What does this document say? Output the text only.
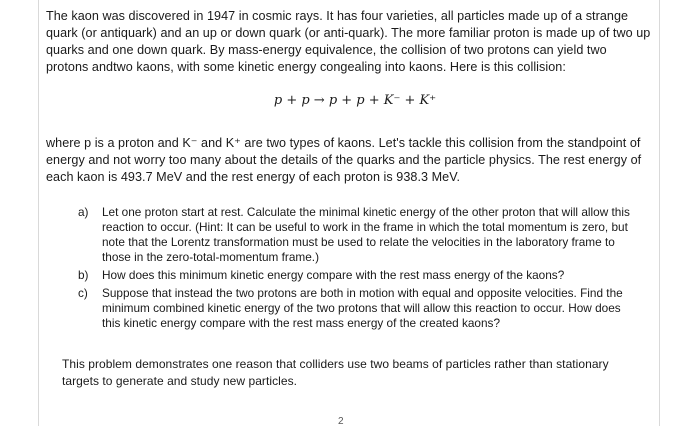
The kaon was discovered in 1947 in cosmic rays. It has four varieties, all particles made up of a strange quark (or antiquark) and an up or down quark (or anti-quark). The more familiar proton is made up of two up quarks and one down quark. By mass-energy equivalence, the collision of two protons can yield two protons andtwo kaons, with some kinetic energy congealing into kaons. Here is this collision:

p + p → p + p + K⁻ + K⁺

where p is a proton and K⁻ and K⁺ are two types of kaons. Let's tackle this collision from the standpoint of energy and not worry too many about the details of the quarks and the particle physics. The rest energy of each kaon is 493.7 MeV and the rest energy of each proton is 938.3 MeV.

a) Let one proton start at rest. Calculate the minimal kinetic energy of the other proton that will allow this reaction to occur. (Hint: It can be useful to work in the frame in which the total momentum is zero, but note that the Lorentz transformation must be used to relate the velocities in the laboratory frame to those in the zero-total-momentum frame.)
b) How does this minimum kinetic energy compare with the rest mass energy of the kaons?
c) Suppose that instead the two protons are both in motion with equal and opposite velocities. Find the minimum combined kinetic energy of the two protons that will allow this reaction to occur. How does this kinetic energy compare with the rest mass energy of the created kaons?

This problem demonstrates one reason that colliders use two beams of particles rather than stationary targets to generate and study new particles.

2
